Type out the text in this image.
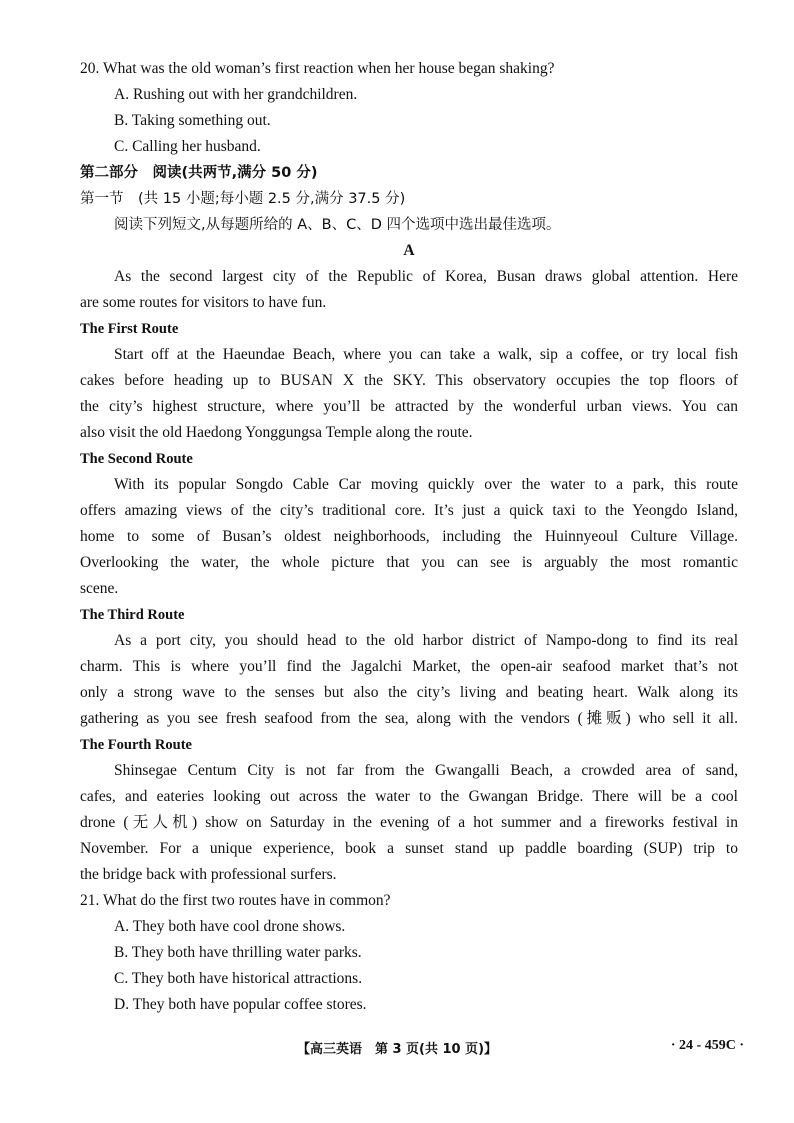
20. What was the old woman’s first reaction when her house began shaking?
A. Rushing out with her grandchildren.
B. Taking something out.
C. Calling her husband.
第二部分　阅读(共两节,满分 50 分)
第一节　(共 15 小题;每小题 2.5 分,满分 37.5 分)
阅读下列短文,从每题所给的 A、B、C、D 四个选项中选出最佳选项。
A
As the second largest city of the Republic of Korea, Busan draws global attention. Here
are some routes for visitors to have fun.
The First Route
Start off at the Haeundae Beach, where you can take a walk, sip a coffee, or try local fish
cakes before heading up to BUSAN X the SKY. This observatory occupies the top floors of
the city’s highest structure, where you’ll be attracted by the wonderful urban views. You can
also visit the old Haedong Yonggungsa Temple along the route.
The Second Route
With its popular Songdo Cable Car moving quickly over the water to a park, this route
offers amazing views of the city’s traditional core. It’s just a quick taxi to the Yeongdo Island,
home to some of Busan’s oldest neighborhoods, including the Huinnyeoul Culture Village.
Overlooking the water, the whole picture that you can see is arguably the most romantic
scene.
The Third Route
As a port city, you should head to the old harbor district of Nampo-dong to find its real
charm. This is where you’ll find the Jagalchi Market, the open-air seafood market that’s not
only a strong wave to the senses but also the city’s living and beating heart. Walk along its
gathering as you see fresh seafood from the sea, along with the vendors (摊贩) who sell it all.
The Fourth Route
Shinsegae Centum City is not far from the Gwangalli Beach, a crowded area of sand,
cafes, and eateries looking out across the water to the Gwangan Bridge. There will be a cool
drone (无人机) show on Saturday in the evening of a hot summer and a fireworks festival in
November. For a unique experience, book a sunset stand up paddle boarding (SUP) trip to
the bridge back with professional surfers.
21. What do the first two routes have in common?
A. They both have cool drone shows.
B. They both have thrilling water parks.
C. They both have historical attractions.
D. They both have popular coffee stores.
【高三英语　第 3 页(共 10 页)】	· 24 - 459C ·
